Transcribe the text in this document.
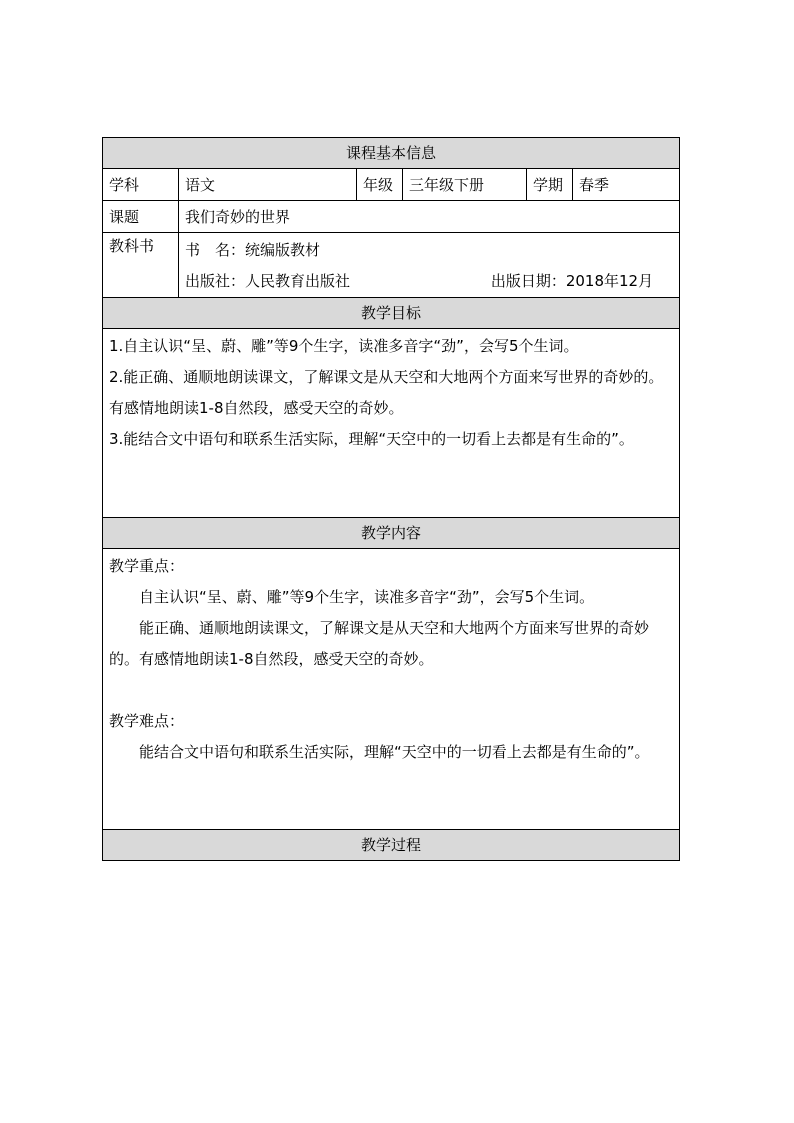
课程基本信息					
学科	语文	年级	三年级下册	学期	春季
课题	我们奇妙的世界				
教科书	书　名：统编版教材
出版社：人民教育出版社 出版日期：2018年12月				

教学目标					

1.自主认识“呈、蔚、雕”等9个生字，读准多音字“劲”，会写5个生词。

2.能正确、通顺地朗读课文，了解课文是从天空和大地两个方面来写世界的奇妙的。有感情地朗读1-8自然段，感受天空的奇妙。

3.能结合文中语句和联系生活实际，理解“天空中的一切看上去都是有生命的”。					

教学内容					

教学重点：

自主认识“呈、蔚、雕”等9个生字，读准多音字“劲”，会写5个生词。

能正确、通顺地朗读课文，了解课文是从天空和大地两个方面来写世界的奇妙的。有感情地朗读1-8自然段，感受天空的奇妙。

教学难点：

能结合文中语句和联系生活实际，理解“天空中的一切看上去都是有生命的”。					

教学过程					
